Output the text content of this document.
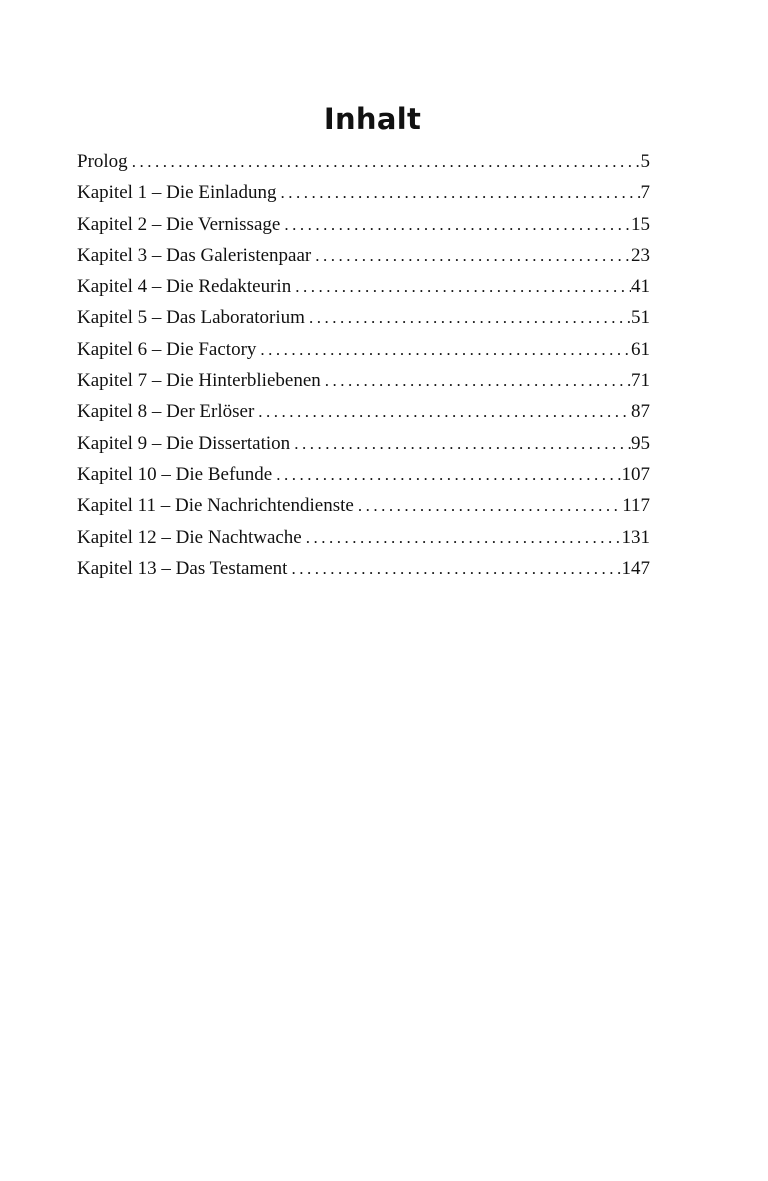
Inhalt
Prolog .....	5
Kapitel 1 – Die Einladung .....	7
Kapitel 2 – Die Vernissage .....	15
Kapitel 3 – Das Galeristenpaar .....	23
Kapitel 4 – Die Redakteurin .....	41
Kapitel 5 – Das Laboratorium .....	51
Kapitel 6 – Die Factory .....	61
Kapitel 7 – Die Hinterbliebenen .....	71
Kapitel 8 – Der Erlöser .....	87
Kapitel 9 – Die Dissertation .....	95
Kapitel 10 – Die Befunde .....	107
Kapitel 11 – Die Nachrichtendienste .....	117
Kapitel 12 – Die Nachtwache .....	131
Kapitel 13 – Das Testament .....	147
